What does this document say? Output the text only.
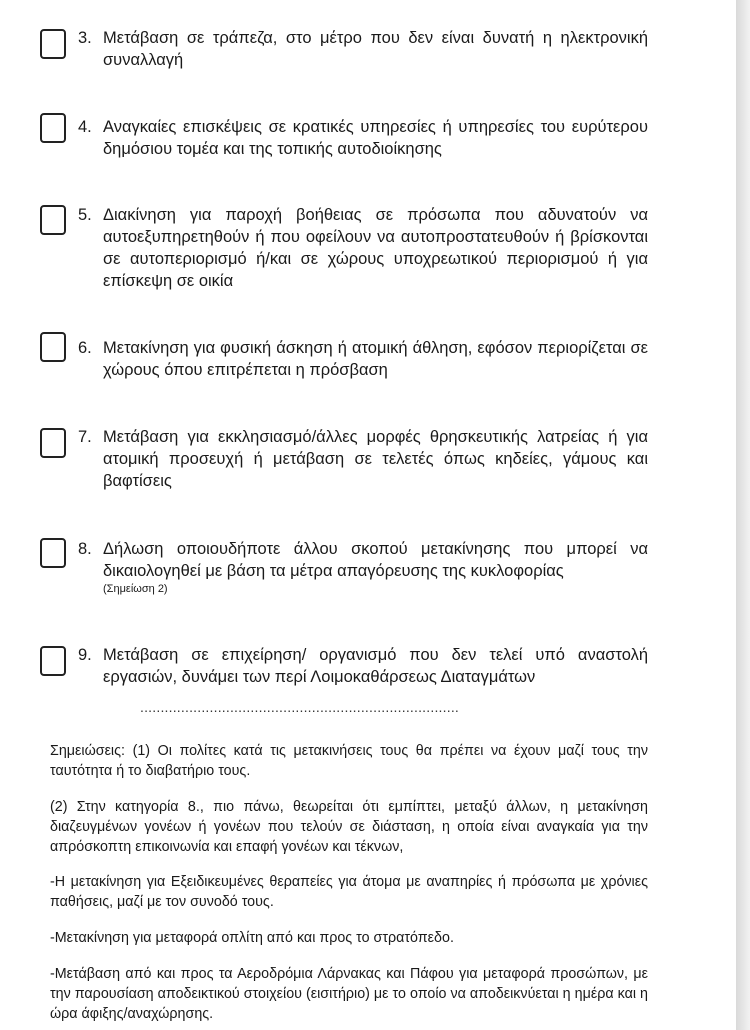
3. Μετάβαση σε τράπεζα, στο μέτρο που δεν είναι δυνατή η ηλεκτρονική συναλλαγή
4. Αναγκαίες επισκέψεις σε κρατικές υπηρεσίες ή υπηρεσίες του ευρύτερου δημόσιου τομέα και της τοπικής αυτοδιοίκησης
5. Διακίνηση για παροχή βοήθειας σε πρόσωπα που αδυνατούν να αυτοεξυπηρετηθούν ή που οφείλουν να αυτοπροστατευθούν ή βρίσκονται σε αυτοπεριορισμό ή/και σε χώρους υποχρεωτικού περιορισμού ή για επίσκεψη σε οικία
6. Μετακίνηση για φυσική άσκηση ή ατομική άθληση, εφόσον περιορίζεται σε χώρους όπου επιτρέπεται η πρόσβαση
7. Μετάβαση για εκκλησιασμό/άλλες μορφές θρησκευτικής λατρείας ή για ατομική προσευχή ή μετάβαση σε τελετές όπως κηδείες, γάμους και βαφτίσεις
8. Δήλωση οποιουδήποτε άλλου σκοπού μετακίνησης που μπορεί να δικαιολογηθεί με βάση τα μέτρα απαγόρευσης της κυκλοφορίας
(Σημείωση 2)
9. Μετάβαση σε επιχείρηση/ οργανισμό που δεν τελεί υπό αναστολή εργασιών, δυνάμει των περί Λοιμοκαθάρσεως Διαταγμάτων
..............................................................................
Σημειώσεις: (1) Οι πολίτες κατά τις μετακινήσεις τους θα πρέπει να έχουν μαζί τους την ταυτότητα ή το διαβατήριο τους.
(2) Στην κατηγορία 8., πιο πάνω, θεωρείται ότι εμπίπτει, μεταξύ άλλων, η μετακίνηση διαζευγμένων γονέων ή γονέων που τελούν σε διάσταση, η οποία είναι αναγκαία για την απρόσκοπτη επικοινωνία και επαφή γονέων και τέκνων,
-Η μετακίνηση για Εξειδικευμένες θεραπείες για άτομα με αναπηρίες ή πρόσωπα με χρόνιες παθήσεις, μαζί με τον συνοδό τους.
-Μετακίνηση για μεταφορά οπλίτη από και προς το στρατόπεδο.
-Μετάβαση από και προς τα Αεροδρόμια Λάρνακας και Πάφου για μεταφορά προσώπων, με την παρουσίαση αποδεικτικού στοιχείου (εισιτήριο) με το οποίο να αποδεικνύεται η ημέρα και η ώρα άφιξης/αναχώρησης.
